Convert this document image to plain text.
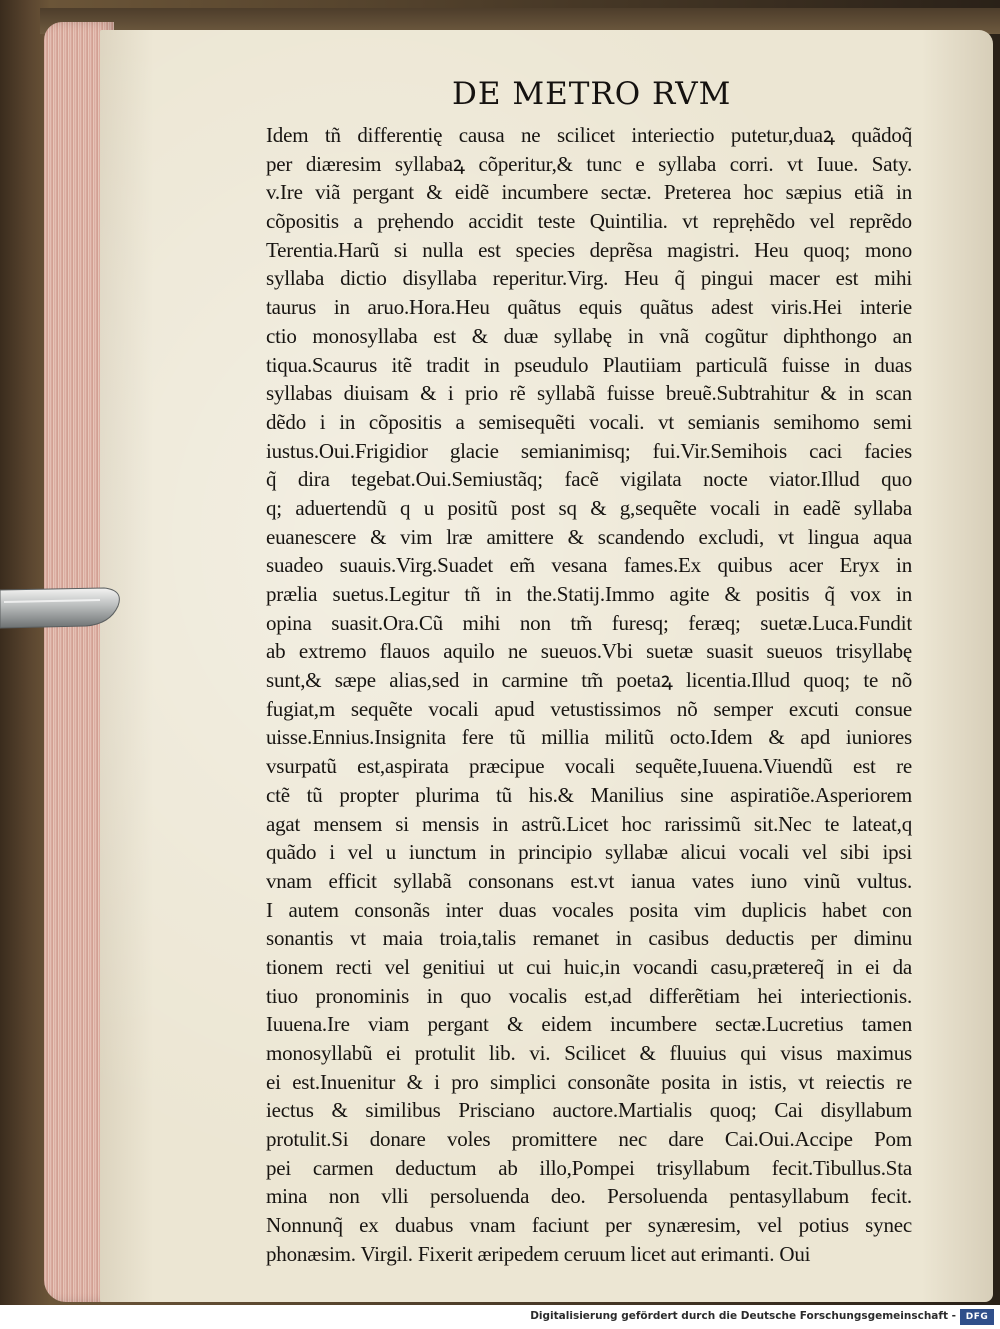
DE METRO RVM
Idem tñ differentię causa ne scilicet interiectio putetur,duaꝝ quãdoq̃
per diæresim syllabaꝝ cõperitur,& tunc e syllaba corri. vt Iuue. Saty.
v.Ire viã pergant & eidẽ incumbere sectæ. Preterea hoc sæpius etiã in
cõpositis a prẹhendo accidit teste Quintilia. vt reprẹhẽdo vel reprẽdo
Terentia.Harũ si nulla est species deprẽsa magistri. Heu quoq; mono
syllaba dictio disyllaba reperitur.Virg. Heu q̃ pingui macer est mihi
taurus in aruo.Hora.Heu quãtus equis quãtus adest viris.Hei interie
ctio monosyllaba est & duæ syllabę in vnã cogũtur diphthongo an
tiqua.Scaurus itẽ tradit in pseudulo Plautiiam particulã fuisse in duas
syllabas diuisam & i prio rẽ syllabã fuisse breuẽ.Subtrahitur & in scan
dẽdo i in cõpositis a semisequẽti vocali. vt semianis semihomo semi
iustus.Oui.Frigidior glacie semianimisq; fui.Vir.Semihois caci facies
q̃ dira tegebat.Oui.Semiustãq; facẽ vigilata nocte viator.Illud quo
q; aduertendũ q u positũ post sq & g,sequẽte vocali in eadẽ syllaba
euanescere & vim lræ amittere & scandendo excludi, vt lingua aqua
suadeo suauis.Virg.Suadet em̃ vesana fames.Ex quibus acer Eryx in
prælia suetus.Legitur tñ in the.Statij.Immo agite & positis q̃ vox in
opina suasit.Ora.Cũ mihi non tm̃ furesq; feræq; suetæ.Luca.Fundit
ab extremo flauos aquilo ne sueuos.Vbi suetæ suasit sueuos trisyllabę
sunt,& sæpe alias,sed in carmine tm̃ poetaꝝ licentia.Illud quoq; te nõ
fugiat,m sequẽte vocali apud vetustissimos nõ semper excuti consue
uisse.Ennius.Insignita fere tũ millia militũ octo.Idem & apd iuniores
vsurpatũ est,aspirata præcipue vocali sequẽte,Iuuena.Viuendũ est re
ctẽ tũ propter plurima tũ his.& Manilius sine aspiratiõe.Asperiorem
agat mensem si mensis in astrũ.Licet hoc rarissimũ sit.Nec te lateat,q
quãdo i vel u iunctum in principio syllabæ alicui vocali vel sibi ipsi
vnam efficit syllabã consonans est.vt ianua vates iuno vinũ vultus.
I autem consonãs inter duas vocales posita vim duplicis habet con
sonantis vt maia troia,talis remanet in casibus deductis per diminu
tionem recti vel genitiui ut cui huic,in vocandi casu,prætereq̃ in ei da
tiuo pronominis in quo vocalis est,ad differẽtiam hei interiectionis.
Iuuena.Ire viam pergant & eidem incumbere sectæ.Lucretius tamen
monosyllabũ ei protulit lib. vi. Scilicet & fluuius qui visus maximus
ei est.Inuenitur & i pro simplici consonãte posita in istis, vt reiectis re
iectus & similibus Prisciano auctore.Martialis quoq; Cai disyllabum
protulit.Si donare voles promittere nec dare Cai.Oui.Accipe Pom
pei carmen deductum ab illo,Pompei trisyllabum fecit.Tibullus.Sta
mina non vlli persoluenda deo. Persoluenda pentasyllabum fecit.
Nonnunq̃ ex duabus vnam faciunt per synæresim, vel potius synec
phonæsim. Virgil. Fixerit æripedem ceruum licet aut erimanti. Oui
Digitalisierung gefördert durch die Deutsche Forschungsgemeinschaft -	DFG
